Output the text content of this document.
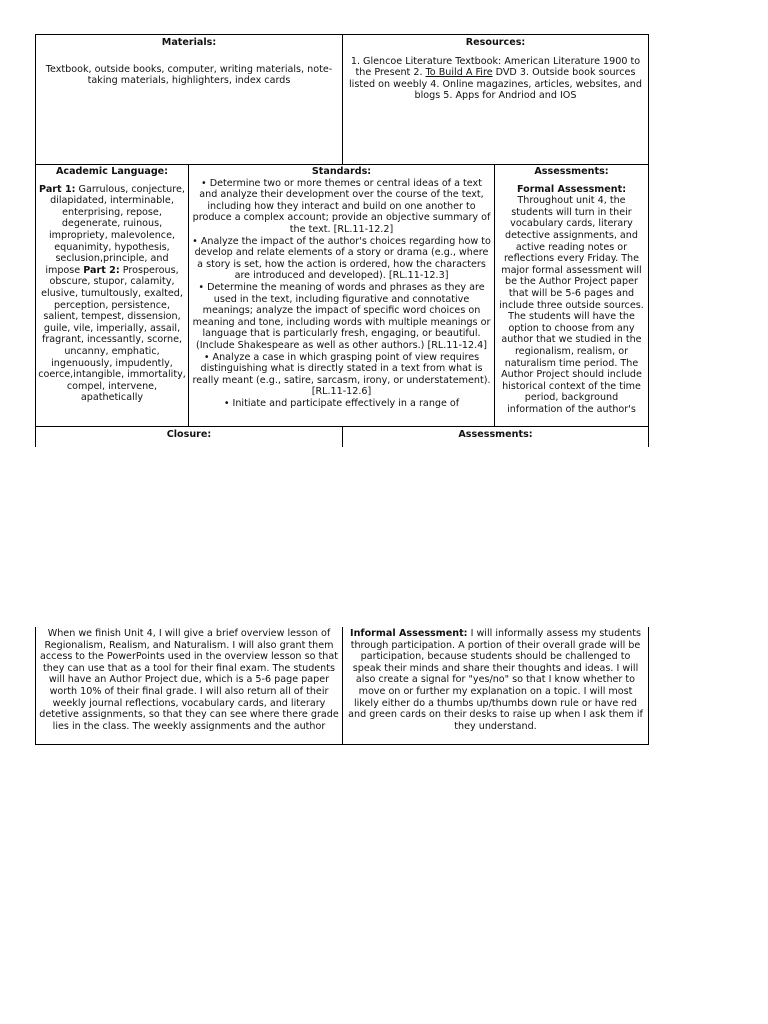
Materials:
Textbook, outside books, computer, writing materials, note-taking materials, highlighters, index cards
Resources:
1. Glencoe Literature Textbook: American Literature 1900 to the Present 2. To Build A Fire DVD 3. Outside book sources listed on weebly 4. Online magazines, articles, websites, and blogs 5. Apps for Andriod and IOS
Academic Language:
Part 1: Garrulous, conjecture, dilapidated, interminable, enterprising, repose, degenerate, ruinous, impropriety, malevolence, equanimity, hypothesis, seclusion,principle, and impose Part 2: Prosperous, obscure, stupor, calamity, elusive, tumultously, exalted, perception, persistence, salient, tempest, dissension, guile, vile, imperially, assail, fragrant, incessantly, scorne, uncanny, emphatic, ingenuously, impudently, coerce,intangible, immortality, compel, intervene, apathetically
Standards:

• Determine two or more themes or central ideas of a text and analyze their development over the course of the text, including how they interact and build on one another to produce a complex account; provide an objective summary of the text. [RL.11-12.2]

• Analyze the impact of the author's choices regarding how to develop and relate elements of a story or drama (e.g., where a story is set, how the action is ordered, how the characters are introduced and developed). [RL.11-12.3]

• Determine the meaning of words and phrases as they are used in the text, including figurative and connotative meanings; analyze the impact of specific word choices on meaning and tone, including words with multiple meanings or language that is particularly fresh, engaging, or beautiful. (Include Shakespeare as well as other authors.) [RL.11-12.4]

• Analyze a case in which grasping point of view requires distinguishing what is directly stated in a text from what is really meant (e.g., satire, sarcasm, irony, or understatement). [RL.11-12.6]

• Initiate and participate effectively in a range of

Assessments:
Formal Assessment:
Throughout unit 4, the students will turn in their vocabulary cards, literary detective assignments, and active reading notes or reflections every Friday. The major formal assessment will be the Author Project paper that will be 5-6 pages and include three outside sources. The students will have the option to choose from any author that we studied in the regionalism, realism, or naturalism time period. The Author Project should include historical context of the time period, background information of the author's
Closure:	Assessments:
When we finish Unit 4, I will give a brief overview lesson of Regionalism, Realism, and Naturalism. I will also grant them access to the PowerPoints used in the overview lesson so that they can use that as a tool for their final exam. The students will have an Author Project due, which is a 5-6 page paper worth 10% of their final grade. I will also return all of their weekly journal reflections, vocabulary cards, and literary detetive assignments, so that they can see where there grade lies in the class. The weekly assignments and the author
Informal Assessment: I will informally assess my students through participation. A portion of their overall grade will be participation, because students should be challenged to speak their minds and share their thoughts and ideas. I will also create a signal for "yes/no" so that I know whether to move on or further my explanation on a topic. I will most likely either do a thumbs up/thumbs down rule or have red and green cards on their desks to raise up when I ask them if they understand.
